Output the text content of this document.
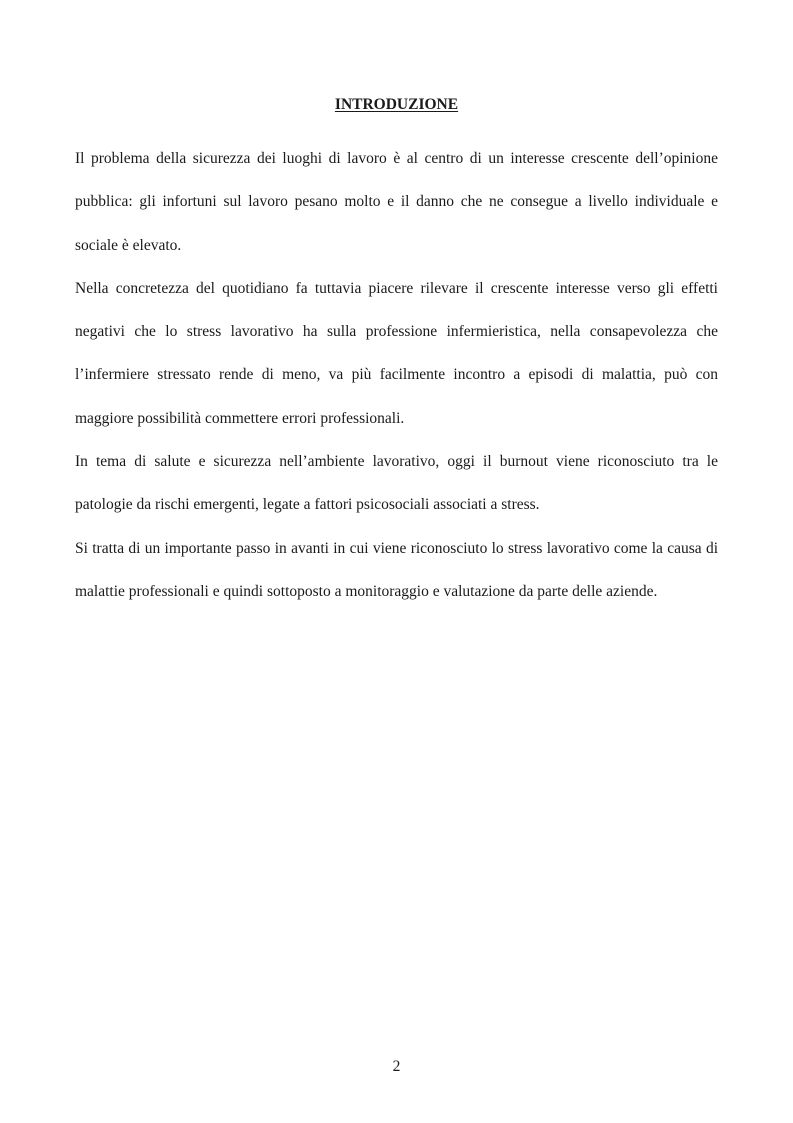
INTRODUZIONE

Il problema della sicurezza dei luoghi di lavoro è al centro di un interesse crescente dell’opinione pubblica: gli infortuni sul lavoro pesano molto e il danno che ne consegue a livello individuale e sociale è elevato.

Nella concretezza del quotidiano fa tuttavia piacere rilevare il crescente interesse verso gli effetti negativi che lo stress lavorativo ha sulla professione infermieristica, nella consapevolezza che l’infermiere stressato rende di meno, va più facilmente incontro a episodi di malattia, può con maggiore possibilità commettere errori professionali.

In tema di salute e sicurezza nell’ambiente lavorativo, oggi il burnout viene riconosciuto tra le patologie da rischi emergenti, legate a fattori psicosociali associati a stress.

Si tratta di un importante passo in avanti in cui viene riconosciuto lo stress lavorativo come la causa di malattie professionali e quindi sottoposto a monitoraggio e valutazione da parte delle aziende.

2
